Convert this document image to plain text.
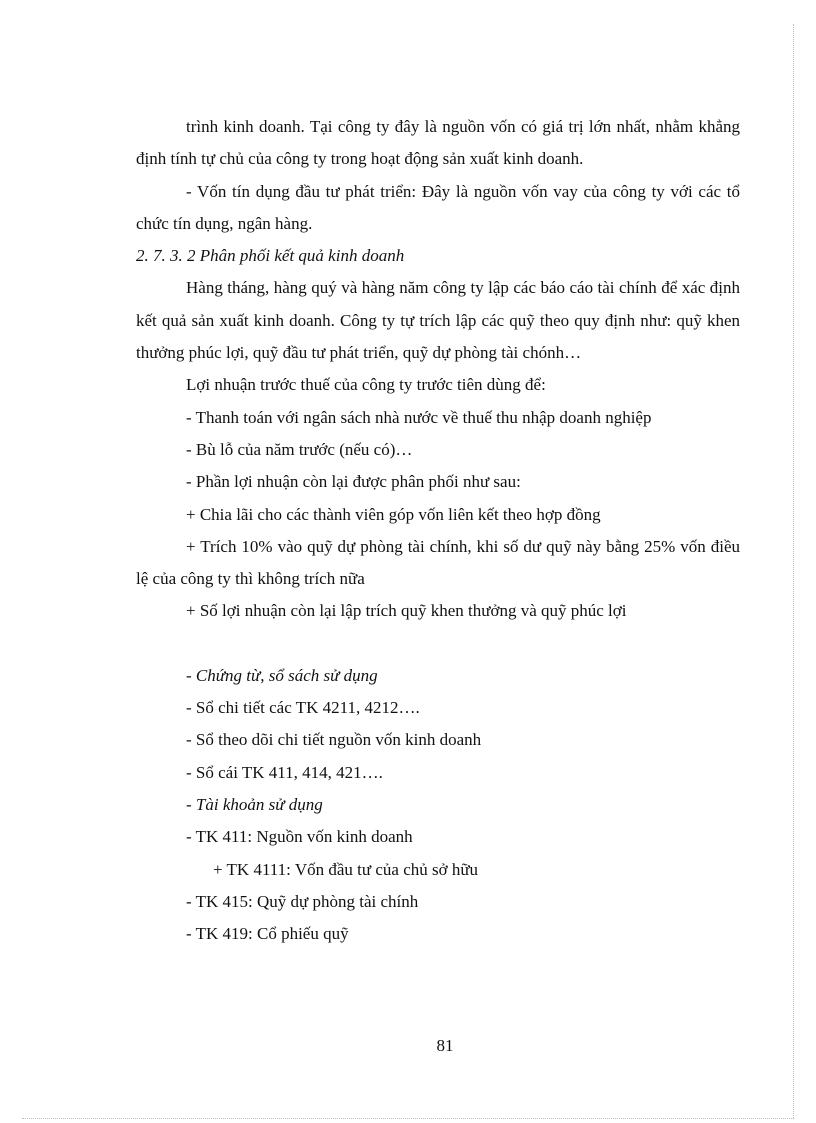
trình kinh doanh. Tại công ty đây là nguồn vốn có giá trị lớn nhất, nhằm khẳng định tính tự chủ của công ty trong hoạt động sản xuất kinh doanh.

- Vốn tín dụng đầu tư phát triển: Đây là nguồn vốn vay của công ty với các tổ chức tín dụng, ngân hàng.

2. 7. 3. 2 Phân phối kết quả kinh doanh

Hàng tháng, hàng quý và hàng năm công ty lập các báo cáo tài chính để xác định kết quả sản xuất kinh doanh. Công ty tự trích lập các quỹ theo quy định như: quỹ khen thưởng phúc lợi, quỹ đầu tư phát triển, quỹ dự phòng tài chónh…

Lợi nhuận trước thuế của công ty trước tiên dùng để:

- Thanh toán với ngân sách nhà nước về thuế thu nhập doanh nghiệp

- Bù lỗ của năm trước (nếu có)…

- Phần lợi nhuận còn lại được phân phối như sau:

+ Chia lãi cho các thành viên góp vốn liên kết theo hợp đồng

+ Trích 10% vào quỹ dự phòng tài chính, khi số dư quỹ này bằng 25% vốn điều lệ của công ty thì không trích nữa

+ Số lợi nhuận còn lại lập trích quỹ khen thưởng và quỹ phúc lợi

- Chứng từ, sổ sách sử dụng

- Sổ chi tiết các TK 4211, 4212….

- Sổ theo dõi chi tiết nguồn vốn kinh doanh

- Sổ cái TK 411, 414, 421….

- Tài khoản sử dụng

- TK 411: Nguồn vốn kinh doanh

+ TK 4111: Vốn đầu tư của chủ sở hữu

- TK 415: Quỹ dự phòng tài chính

- TK 419: Cổ phiếu quỹ

81
